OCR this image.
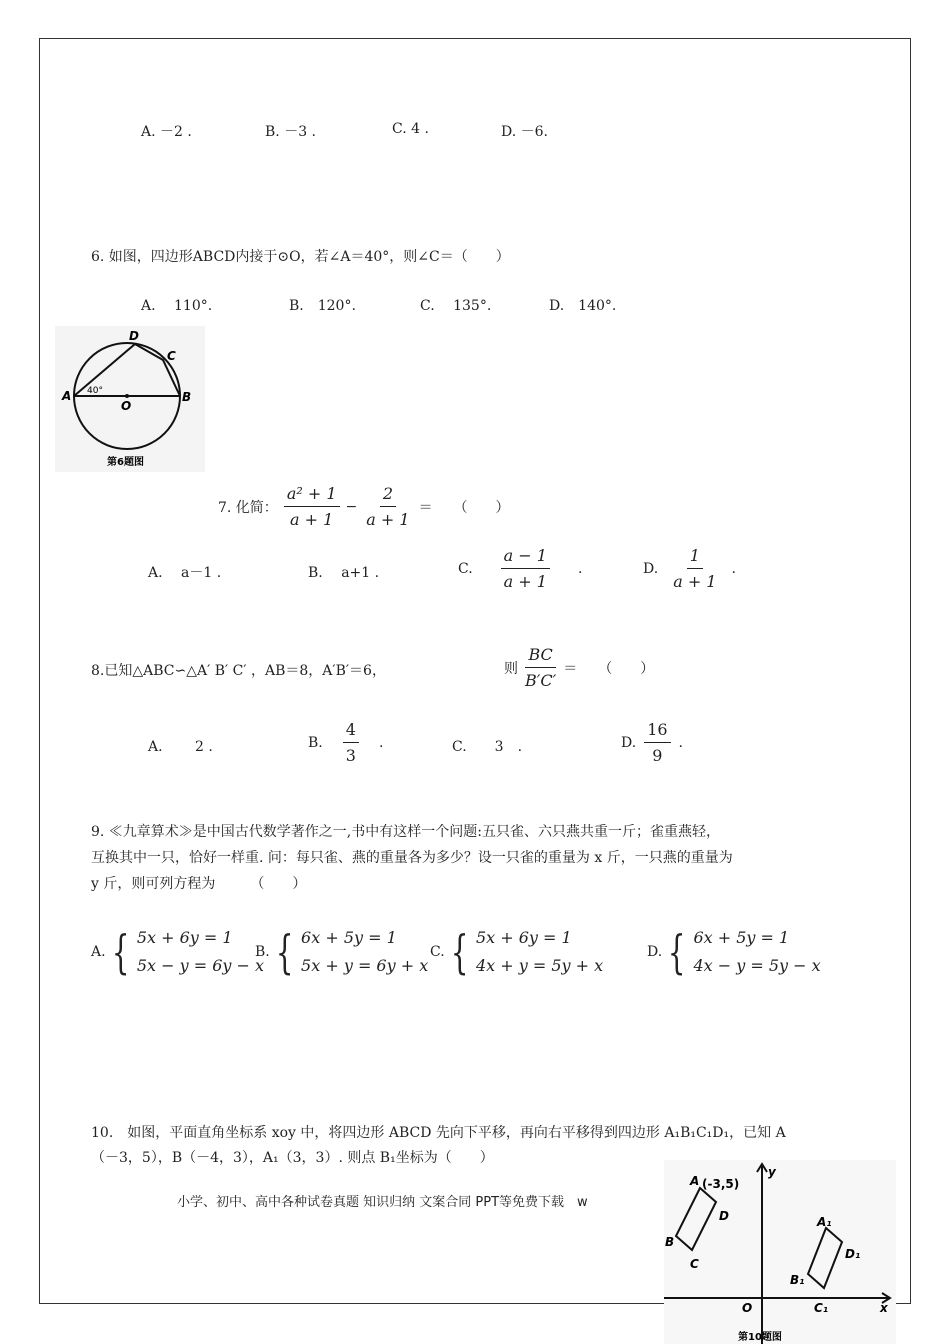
A. －2 .	B. －3 .	C. 4 .	D. －6.
6. 如图，四边形ABCD内接于⊙O，若∠A＝40°，则∠C＝（　　）
A.　 110°.	B.　120°.	C.　 135°.	D.　140°.
A	B
C
D
O
40°
第6题图
7. 化简： $\frac{\text{a² + 1}}{a + 1} - \frac{2}{a + 1}$ ＝　　（　　）
A.　 a－1 .	B.　 a+1 .	C. $\frac{a - 1}{a + 1}$ .	D. $\frac{1}{a + 1}$ .
8.已知△ABC∽△A′ B′ C′ ，AB＝8，A′B′＝6，	则 $\frac{BC}{B'C'}$ ＝　　（　　）
A.　　 2 .	B. $\frac{4}{3}$ .	C.　　3　.	D. $\frac{16}{9}$ .
9. ≪九章算术≫是中国古代数学著作之一,书中有这样一个问题:五只雀、六只燕共重一斤；雀重燕轻，
互换其中一只，恰好一样重. 问：每只雀、燕的重量各为多少？设一只雀的重量为 x 斤，一只燕的重量为
y 斤，则可列方程为　　　（　　）
A. { 5x + 6y = 1
5x − y = 6y − x
B. { 6x + 5y = 1
5x + y = 6y + x
C. { 5x + 6y = 1
4x + y = 5y + x
D. { 6x + 5y = 1
4x − y = 5y − x
10.　如图，平面直角坐标系 xoy 中，将四边形 ABCD 先向下平移，再向右平移得到四边形 A₁B₁C₁D₁，已知 A
（－3，5），B（－4，3），A₁（3，3）. 则点 B₁坐标为（　　）
小学、初中、高中各种试卷真题 知识归纳 文案合同 PPT等免费下载　w
A (-3,5)
D
B
C
A₁
D₁
B₁
C₁
O	x
y
第10题图
